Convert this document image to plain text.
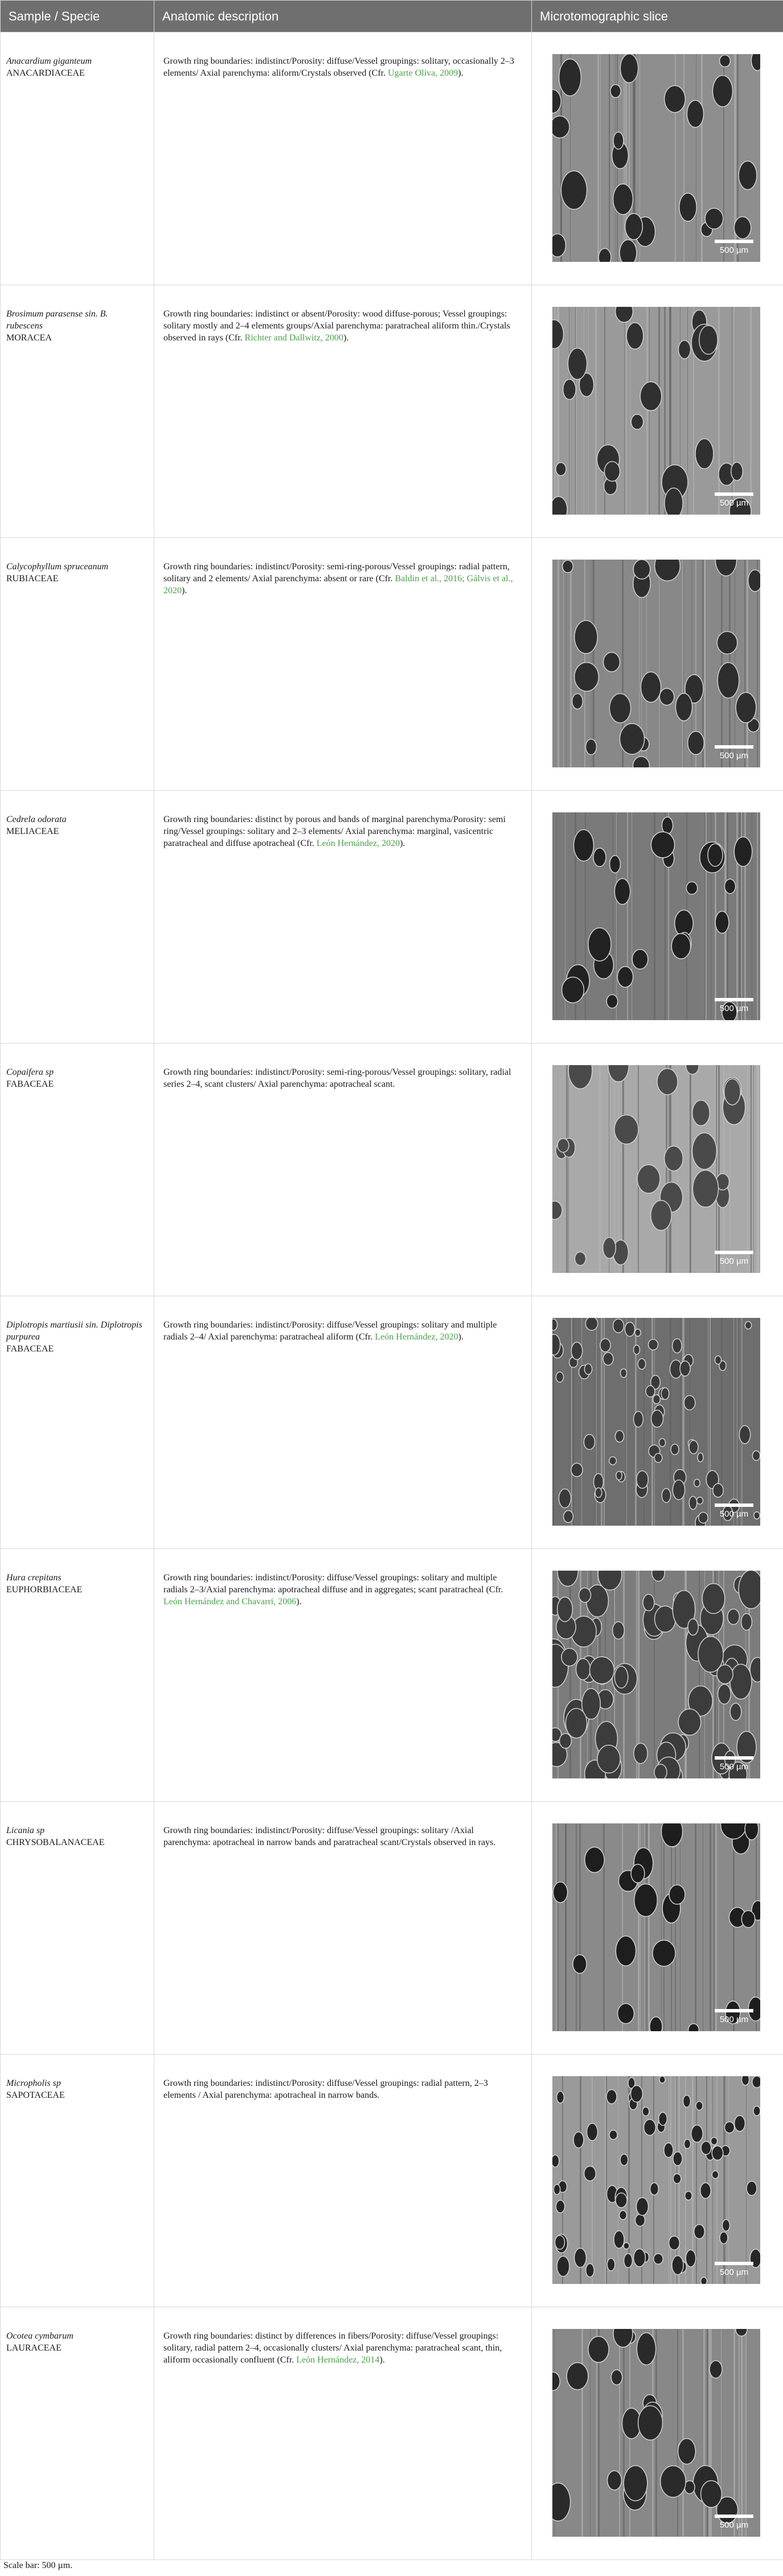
Sample / Specie	Anatomic description	Microtomographic slice

Anacardium giganteum
ANACARDIACEAE	Growth ring boundaries: indistinct/Porosity: diffuse/Vessel groupings: solitary, occasionally 2–3 elements/ Axial parenchyma: aliform/Crystals observed (Cfr. Ugarte Oliva, 2009).	500 µm

Brosimum parasense sin. B. rubescens
MORACEA	Growth ring boundaries: indistinct or absent/Porosity: wood diffuse-porous; Vessel groupings: solitary mostly and 2–4 elements groups/Axial parenchyma: paratracheal aliform thin./Crystals observed in rays (Cfr. Richter and Dallwitz, 2000).	500 µm

Calycophyllum spruceanum
RUBIACEAE	Growth ring boundaries: indistinct/Porosity: semi-ring-porous/Vessel groupings: radial pattern, solitary and 2 elements/ Axial parenchyma: absent or rare (Cfr. Baldin et al., 2016; Gálvis et al., 2020).	500 µm

Cedrela odorata
MELIACEAE	Growth ring boundaries: distinct by porous and bands of marginal parenchyma/Porosity: semi ring/Vessel groupings: solitary and 2–3 elements/ Axial parenchyma: marginal, vasicentric paratracheal and diffuse apotracheal (Cfr. León Hernández, 2020).	500 µm

Copaifera sp
FABACEAE	Growth ring boundaries: indistinct/Porosity: semi-ring-porous/Vessel groupings: solitary, radial series 2–4, scant clusters/ Axial parenchyma: apotracheal scant.	500 µm

Diplotropis martiusii sin. Diplotropis purpurea
FABACEAE	Growth ring boundaries: indistinct/Porosity: diffuse/Vessel groupings: solitary and multiple radials 2–4/ Axial parenchyma: paratracheal aliform (Cfr. León Hernández, 2020).	500 µm

Hura crepitans
EUPHORBIACEAE	Growth ring boundaries: indistinct/Porosity: diffuse/Vessel groupings: solitary and multiple radials 2–3/Axial parenchyma: apotracheal diffuse and in aggregates; scant paratracheal (Cfr. León Hernández and Chavarri, 2006).	500 µm

Licania sp
CHRYSOBALANACEAE	Growth ring boundaries: indistinct/Porosity: diffuse/Vessel groupings: solitary /Axial parenchyma: apotracheal in narrow bands and paratracheal scant/Crystals observed in rays.	500 µm

Micropholis sp
SAPOTACEAE	Growth ring boundaries: indistinct/Porosity: diffuse/Vessel groupings: radial pattern, 2–3 elements / Axial parenchyma: apotracheal in narrow bands.	500 µm

Ocotea cymbarum
LAURACEAE	Growth ring boundaries: distinct by differences in fibers/Porosity: diffuse/Vessel groupings: solitary, radial pattern 2–4, occasionally clusters/ Axial parenchyma: paratracheal scant, thin, aliform occasionally confluent (Cfr. León Hernández, 2014).	500 µm
Scale bar: 500 µm.
